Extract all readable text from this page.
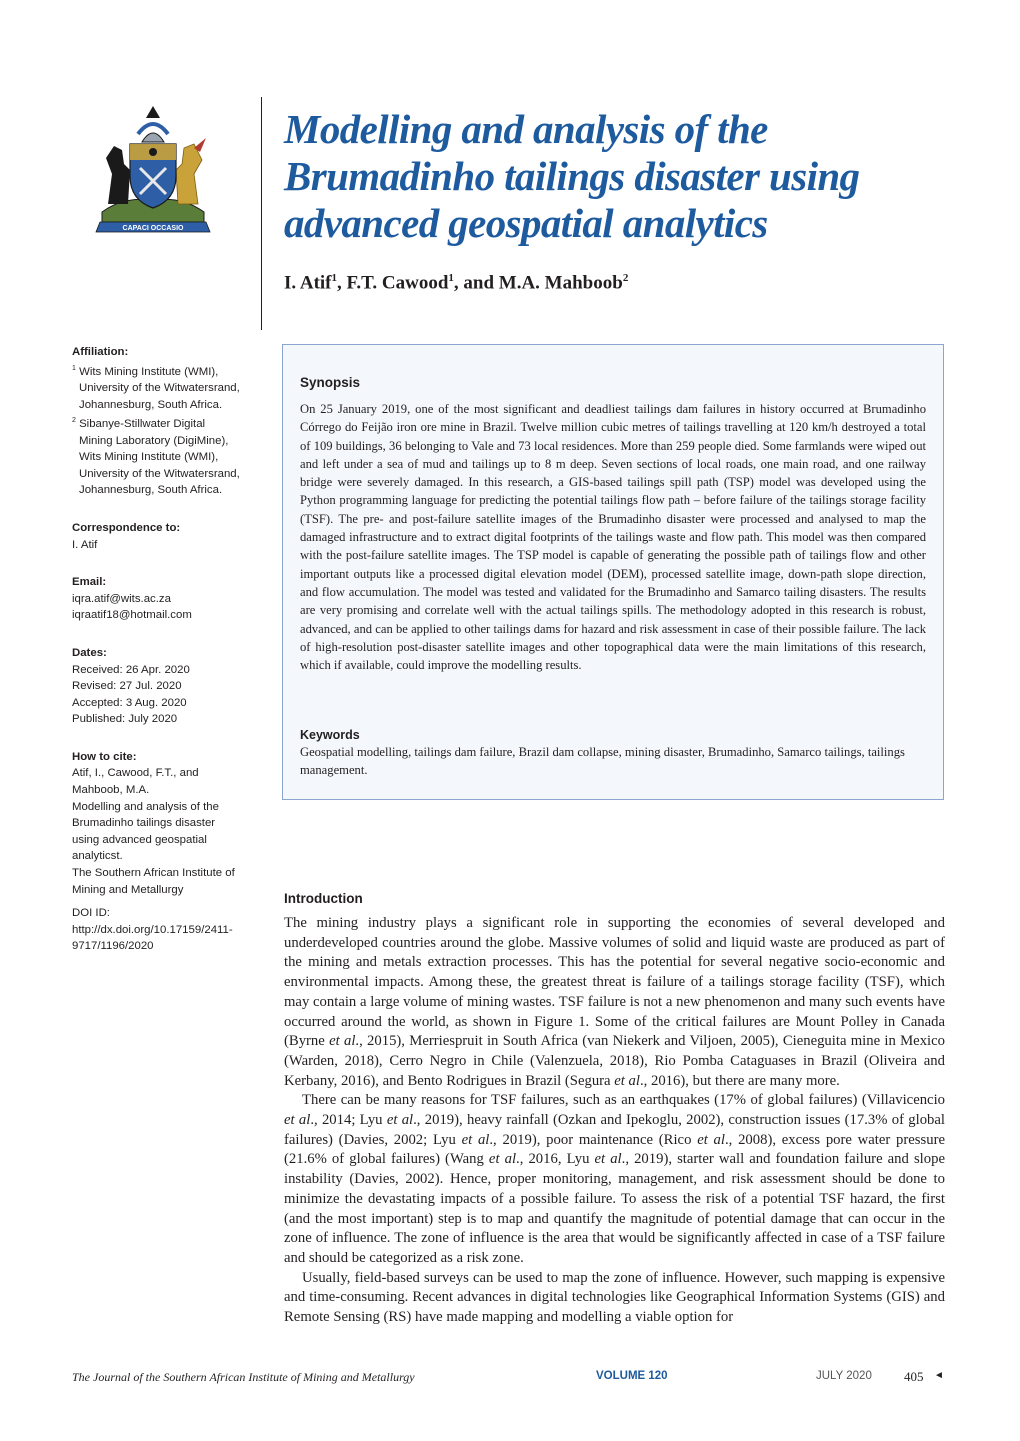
CAPACI OCCASIO
Modelling and analysis of the Brumadinho tailings disaster using advanced geospatial analytics

I. Atif$^1$, F.T. Cawood$^1$, and M.A. Mahboob$^2$

Affiliation:

$^1$ Wits Mining Institute (WMI),

University of the Witwatersrand,

Johannesburg, South Africa.

$^2$ Sibanye-Stillwater Digital

Mining Laboratory (DigiMine),

Wits Mining Institute (WMI),

University of the Witwatersrand,

Johannesburg, South Africa.

Correspondence to:

I. Atif

Email:

iqra.atif@wits.ac.za

iqraatif18@hotmail.com

Dates:

Received: 26 Apr. 2020

Revised: 27 Jul. 2020

Accepted: 3 Aug. 2020

Published: July 2020

How to cite:

Atif, I., Cawood, F.T., and

Mahboob, M.A.

Modelling and analysis of the

Brumadinho tailings disaster

using advanced geospatial

analyticst.

The Southern African Institute of

Mining and Metallurgy

DOI ID:

http://dx.doi.org/10.17159/2411-

9717/1196/2020

Synopsis

On 25 January 2019, one of the most significant and deadliest tailings dam failures in history occurred at Brumadinho Córrego do Feijão iron ore mine in Brazil. Twelve million cubic metres of tailings travelling at 120 km/h destroyed a total of 109 buildings, 36 belonging to Vale and 73 local residences. More than 259 people died. Some farmlands were wiped out and left under a sea of mud and tailings up to 8 m deep. Seven sections of local roads, one main road, and one railway bridge were severely damaged. In this research, a GIS-based tailings spill path (TSP) model was developed using the Python programming language for predicting the potential tailings flow path – before failure of the tailings storage facility (TSF). The pre- and post-failure satellite images of the Brumadinho disaster were processed and analysed to map the damaged infrastructure and to extract digital footprints of the tailings waste and flow path. This model was then compared with the post-failure satellite images. The TSP model is capable of generating the possible path of tailings flow and other important outputs like a processed digital elevation model (DEM), processed satellite image, down-path slope direction, and flow accumulation. The model was tested and validated for the Brumadinho and Samarco tailing disasters. The results are very promising and correlate well with the actual tailings spills. The methodology adopted in this research is robust, advanced, and can be applied to other tailings dams for hazard and risk assessment in case of their possible failure. The lack of high-resolution post-disaster satellite images and other topographical data were the main limitations of this research, which if available, could improve the modelling results.

Keywords

Geospatial modelling, tailings dam failure, Brazil dam collapse, mining disaster, Brumadinho, Samarco tailings, tailings management.

Introduction

The mining industry plays a significant role in supporting the economies of several developed and underdeveloped countries around the globe. Massive volumes of solid and liquid waste are produced as part of the mining and metals extraction processes. This has the potential for several negative socio-economic and environmental impacts. Among these, the greatest threat is failure of a tailings storage facility (TSF), which may contain a large volume of mining wastes. TSF failure is not a new phenomenon and many such events have occurred around the world, as shown in Figure 1. Some of the critical failures are Mount Polley in Canada (Byrne et al., 2015), Merriespruit in South Africa (van Niekerk and Viljoen, 2005), Cieneguita mine in Mexico (Warden, 2018), Cerro Negro in Chile (Valenzuela, 2018), Rio Pomba Cataguases in Brazil (Oliveira and Kerbany, 2016), and Bento Rodrigues in Brazil (Segura et al., 2016), but there are many more.

There can be many reasons for TSF failures, such as an earthquakes (17% of global failures) (Villavicencio et al., 2014; Lyu et al., 2019), heavy rainfall (Ozkan and Ipekoglu, 2002), construction issues (17.3% of global failures) (Davies, 2002; Lyu et al., 2019), poor maintenance (Rico et al., 2008), excess pore water pressure (21.6% of global failures) (Wang et al., 2016, Lyu et al., 2019), starter wall and foundation failure and slope instability (Davies, 2002). Hence, proper monitoring, management, and risk assessment should be done to minimize the devastating impacts of a possible failure. To assess the risk of a potential TSF hazard, the first (and the most important) step is to map and quantify the magnitude of potential damage that can occur in the zone of influence. The zone of influence is the area that would be significantly affected in case of a TSF failure and should be categorized as a risk zone.

Usually, field-based surveys can be used to map the zone of influence. However, such mapping is expensive and time-consuming. Recent advances in digital technologies like Geographical Information Systems (GIS) and Remote Sensing (RS) have made mapping and modelling a viable option for

The Journal of the Southern African Institute of Mining and Metallurgy	VOLUME 120	JULY 2020 405 ◄
